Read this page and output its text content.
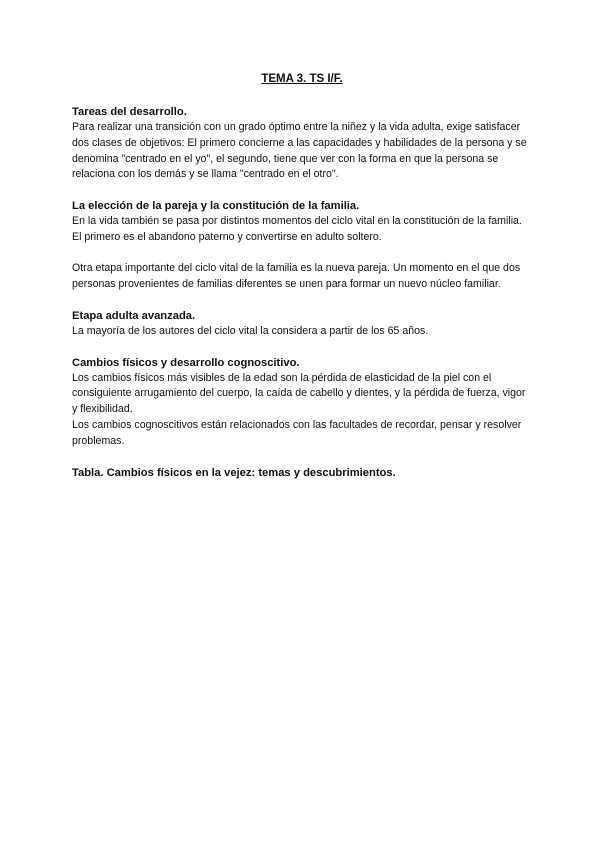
TEMA 3. TS I/F.
Tareas del desarrollo.

Para realizar una transición con un grado óptimo entre la niñez y la vida adulta, exige satisfacer dos clases de objetivos: El primero concierne a las capacidades y habilidades de la persona y se denomina "centrado en el yo", el segundo, tiene que ver con la forma en que la persona se relaciona con los demás y se llama "centrado en el otro".

La elección de la pareja y la constitución de la familia.

En la vida también se pasa por distintos momentos del ciclo vital en la constitución de la familia. El primero es el abandono paterno y convertirse en adulto soltero.

Otra etapa importante del ciclo vital de la familia es la nueva pareja. Un momento en el que dos personas provenientes de familias diferentes se unen para formar un nuevo núcleo familiar.

Etapa adulta avanzada.

La mayoría de los autores del ciclo vital la considera a partir de los 65 años.

Cambios físicos y desarrollo cognoscitivo.

Los cambios físicos más visibles de la edad son la pérdida de elasticidad de la piel con el consiguiente arrugamiento del cuerpo, la caída de cabello y dientes, y la pérdida de fuerza, vigor y flexibilidad.

Los cambios cognoscitivos están relacionados con las facultades de recordar, pensar y resolver problemas.

Tabla. Cambios físicos en la vejez: temas y descubrimientos.
